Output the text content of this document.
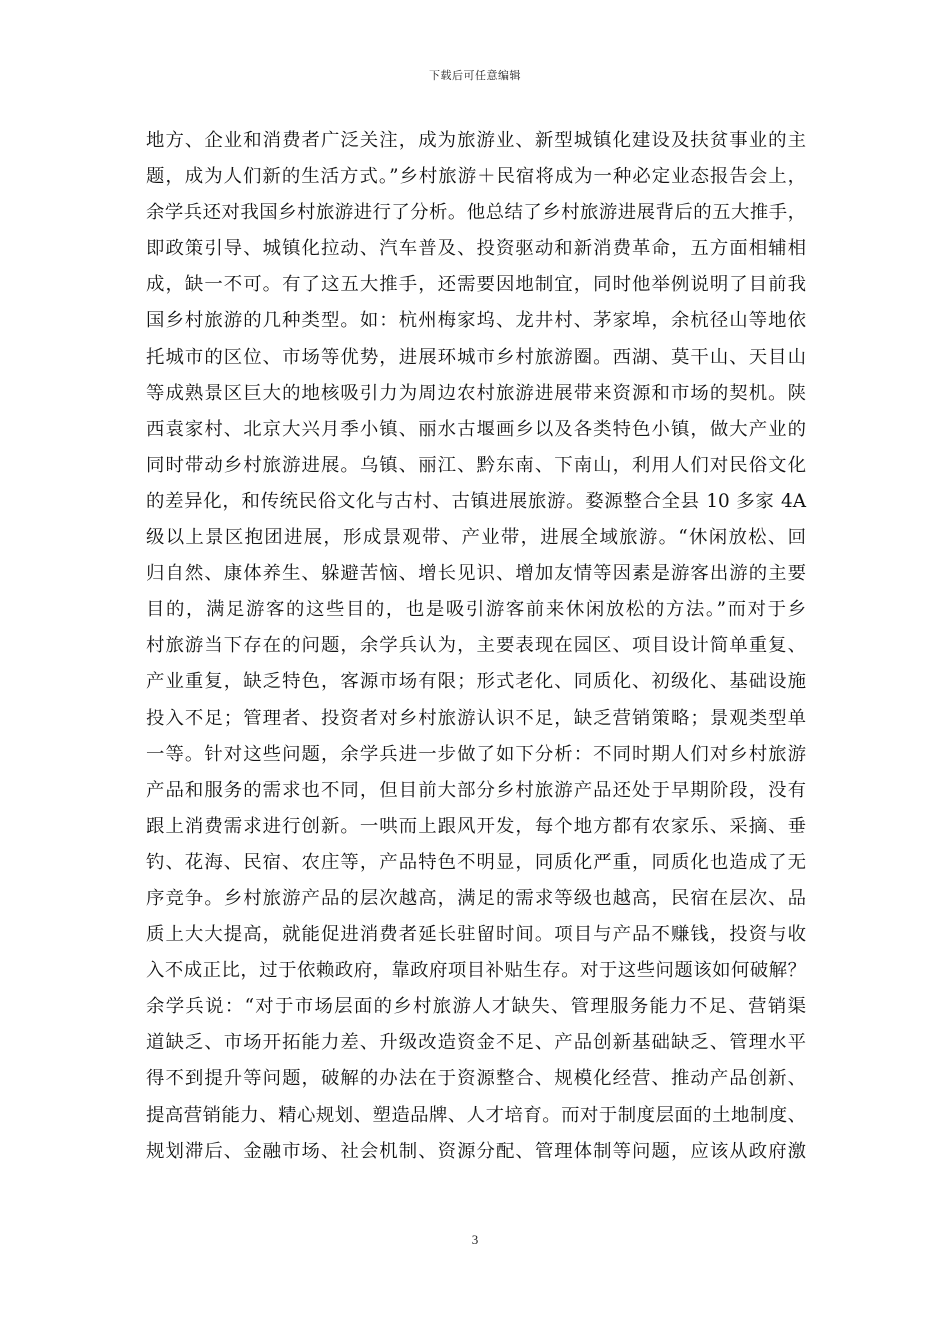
下载后可任意编辑
地方、企业和消费者广泛关注，成为旅游业、新型城镇化建设及扶贫事业的主
题，成为人们新的生活方式。”乡村旅游＋民宿将成为一种必定业态报告会上，
余学兵还对我国乡村旅游进行了分析。他总结了乡村旅游进展背后的五大推手，
即政策引导、城镇化拉动、汽车普及、投资驱动和新消费革命，五方面相辅相
成，缺一不可。有了这五大推手，还需要因地制宜，同时他举例说明了目前我
国乡村旅游的几种类型。如：杭州梅家坞、龙井村、茅家埠，余杭径山等地依
托城市的区位、市场等优势，进展环城市乡村旅游圈。西湖、莫干山、天目山
等成熟景区巨大的地核吸引力为周边农村旅游进展带来资源和市场的契机。陕
西袁家村、北京大兴月季小镇、丽水古堰画乡以及各类特色小镇，做大产业的
同时带动乡村旅游进展。乌镇、丽江、黔东南、下南山，利用人们对民俗文化
的差异化，和传统民俗文化与古村、古镇进展旅游。婺源整合全县 10 多家 4A
级以上景区抱团进展，形成景观带、产业带，进展全域旅游。“休闲放松、回
归自然、康体养生、躲避苦恼、增长见识、增加友情等因素是游客出游的主要
目的，满足游客的这些目的，也是吸引游客前来休闲放松的方法。”而对于乡
村旅游当下存在的问题，余学兵认为，主要表现在园区、项目设计简单重复、
产业重复，缺乏特色，客源市场有限；形式老化、同质化、初级化、基础设施
投入不足；管理者、投资者对乡村旅游认识不足，缺乏营销策略；景观类型单
一等。针对这些问题，余学兵进一步做了如下分析：不同时期人们对乡村旅游
产品和服务的需求也不同，但目前大部分乡村旅游产品还处于早期阶段，没有
跟上消费需求进行创新。一哄而上跟风开发，每个地方都有农家乐、采摘、垂
钓、花海、民宿、农庄等，产品特色不明显，同质化严重，同质化也造成了无
序竞争。乡村旅游产品的层次越高，满足的需求等级也越高，民宿在层次、品
质上大大提高，就能促进消费者延长驻留时间。项目与产品不赚钱，投资与收
入不成正比，过于依赖政府，靠政府项目补贴生存。对于这些问题该如何破解？
余学兵说：“对于市场层面的乡村旅游人才缺失、管理服务能力不足、营销渠
道缺乏、市场开拓能力差、升级改造资金不足、产品创新基础缺乏、管理水平
得不到提升等问题，破解的办法在于资源整合、规模化经营、推动产品创新、
提高营销能力、精心规划、塑造品牌、人才培育。而对于制度层面的土地制度、
规划滞后、金融市场、社会机制、资源分配、管理体制等问题，应该从政府激
3
